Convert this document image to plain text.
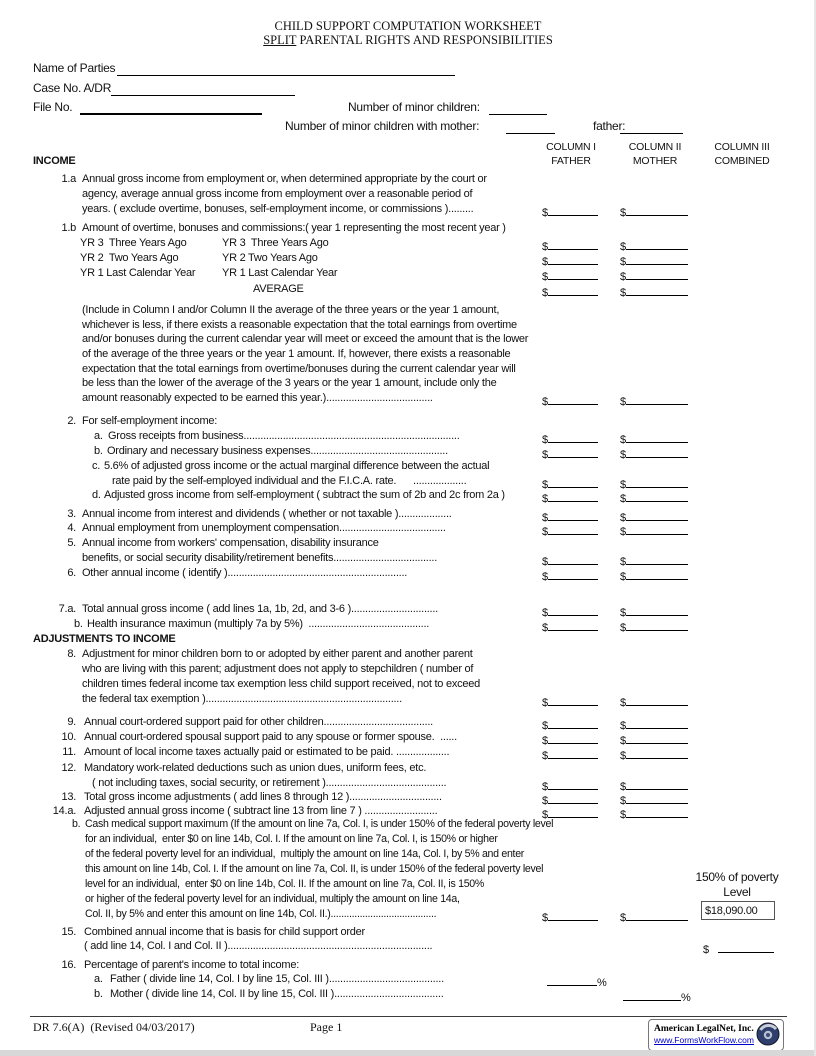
CHILD SUPPORT COMPUTATION WORKSHEET
SPLIT PARENTAL RIGHTS AND RESPONSIBILITIES
Name of Parties
Case No. A/DR
File No.	Number of minor children:
Number of minor children with mother:	father:
COLUMN I
FATHER
COLUMN II
MOTHER
COLUMN III
COMBINED
INCOME
1.a Annual gross income from employment or, when determined appropriate by the court or
agency, average annual gross income from employment over a reasonable period of
years. ( exclude overtime, bonuses, self-employment income, or commissions ).........	$	$
1.b Amount of overtime, bonuses and commissions:( year 1 representing the most recent year )
YR 3  Three Years Ago	YR 3  Three Years Ago	$	$
YR 2  Two Years Ago	YR 2 Two Years Ago	$	$
YR 1 Last Calendar Year YR 1 Last Calendar Year	$	$
AVERAGE	$	$
(Include in Column I and/or Column II the average of the three years or the year 1 amount,
whichever is less, if there exists a reasonable expectation that the total earnings from overtime
and/or bonuses during the current calendar year will meet or exceed the amount that is the lower
of the average of the three years or the year 1 amount. If, however, there exists a reasonable
expectation that the total earnings from overtime/bonuses during the current calendar year will
be less than the lower of the average of the 3 years or the year 1 amount, include only the
amount reasonably expected to be earned this year.)......................................	$	$
2. For self-employment income:
a. Gross receipts from business.............................................................................	$	$
b. Ordinary and necessary business expenses.................................................	$	$
c. 5.6% of adjusted gross income or the actual marginal difference between the actual
rate paid by the self-employed individual and the F.I.C.A. rate.      ...................	$	$
d. Adjusted gross income from self-employment ( subtract the sum of 2b and 2c from 2a )	$	$
3. Annual income from interest and dividends ( whether or not taxable )...................	$	$
4. Annual employment from unemployment compensation......................................	$	$
5. Annual income from workers' compensation, disability insurance
benefits, or social security disability/retirement benefits.....................................	$	$
6. Other annual income ( identify )................................................................	$	$
7.a. Total annual gross income ( add lines 1a, 1b, 2d, and 3-6 )...............................	$	$
b. Health insurance maximun (multiply 7a by 5%)  ...........................................	$	$
ADJUSTMENTS TO INCOME
8. Adjustment for minor children born to or adopted by either parent and another parent
who are living with this parent; adjustment does not apply to stepchildren ( number of
children times federal income tax exemption less child support received, not to exceed
the federal tax exemption )......................................................................	$	$
9. Annual court-ordered support paid for other children.......................................	$	$
10. Annual court-ordered spousal support paid to any spouse or former spouse.  ......	$	$
11. Amount of local income taxes actually paid or estimated to be paid. ...................	$	$
12. Mandatory work-related deductions such as union dues, uniform fees, etc.
( not including taxes, social security, or retirement )...........................................	$	$
13. Total gross income adjustments ( add lines 8 through 12 ).................................	$	$
14.a. Adjusted annual gross income ( subtract line 13 from line 7 ) ..........................	$	$
b. Cash medical support maximum (If the amount on line 7a, Col. I, is under 150% of the federal poverty level
for an individual,  enter $0 on line 14b, Col. I. If the amount on line 7a, Col. I, is 150% or higher
of the federal poverty level for an individual,  multiply the amount on line 14a, Col. I, by 5% and enter
this amount on line 14b, Col. I. If the amount on line 7a, Col. II, is under 150% of the federal poverty level
level for an individual,  enter $0 on line 14b, Col. II. If the amount on line 7a, Col. II, is 150%
or higher of the federal poverty level for an individual, multiply the amount on line 14a,
Col. II, by 5% and enter this amount on line 14b, Col. II.)........................................	$	$
150% of poverty
Level
$18,090.00
15. Combined annual income that is basis for child support order
( add line 14, Col. I and Col. II ).........................................................................	$
16. Percentage of parent's income to total income:
a. Father ( divide line 14, Col. I by line 15, Col. III ).........................................	%
b. Mother ( divide line 14, Col. II by line 15, Col. III ).......................................	%
DR 7.6(A)  (Revised 04/03/2017)	Page 1	American LegalNet, Inc.
www.FormsWorkFlow.com
